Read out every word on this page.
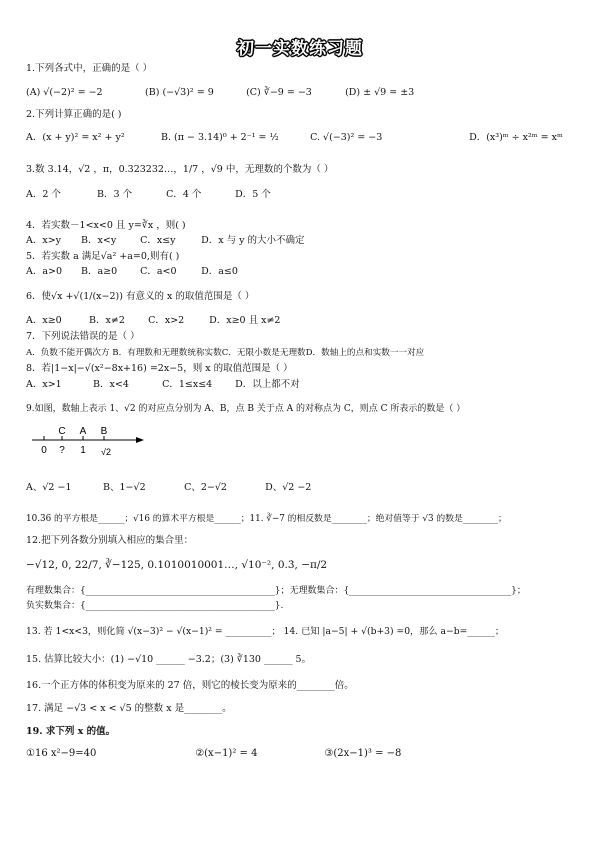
初一实数练习题
1.下列各式中，正确的是（ ）
(A) √(−2)² = −2	(B) (−√3)² = 9	(C) ∛−9 = −3	(D) ± √9 = ±3
2.下列计算正确的是( )
A．(x + y)² = x² + y²	B. (π − 3.14)⁰ + 2⁻¹ = ½	C. √(−3)² = −3	D．(x³)ᵐ ÷ x²ᵐ = xᵐ
3.数 3.14，√2 ，π，0.323232…，1/7 ，√9 中，无理数的个数为（ ）
A．2 个	B．3 个	C．4 个	D．5 个
4．若实数－1<x<0 且 y=∛x ，则( )
A．x>y B．x<y	C．x≤y	D．x 与 y 的大小不确定
5．若实数 a 满足√a² +a=0,则有( )
A．a>0 B．a≥0 C．a<0	D．a≤0
6．使√x +√(1/(x−2)) 有意义的 x 的取值范围是（ ）
A．x≥0	B．x≠2 C．x>2	D．x≥0 且 x≠2
7．下列说法错误的是（ ）
A．负数不能开偶次方 B．有理数和无理数统称实数C．无限小数是无理数D．数轴上的点和实数一一对应
8．若|1−x|−√(x²−8x+16) =2x−5，则 x 的取值范围是（ ）
A．x>1	B．x<4	C．1≤x≤4 D．以上都不对
9.如图，数轴上表示 1、√2 的对应点分别为 A、B，点 B 关于点 A 的对称点为 C，则点 C 所表示的数是（ ）
C A B
0 ? 1 √2
A、√2 −1	B、1−√2	C、2−√2	D、√2 −2
10.36 的平方根是______；√16 的算术平方根是______；11. ∛−7 的相反数是________；绝对值等于 √3 的数是________；
12.把下列各数分别填入相应的集合里：
−√12, 0, 22/7, ∛−125, 0.1010010001…, √10⁻², 0.3̇, −π/2
有理数集合：{__________________________________________}；无理数集合：{____________________________________}；
负实数集合：{__________________________________________}.
13. 若 1<x<3，则化简 √(x−3)² − √(x−1)² = __________； 14. 已知 |a−5| + √(b+3) =0，那么 a−b=______；
15. 估算比较大小：(1) −√10 ______ −3.2；(3) ∛130 ______ 5。
16.一个正方体的体积变为原来的 27 倍，则它的棱长变为原来的________倍。
17. 满足 −√3 < x < √5 的整数 x 是________。
19. 求下列 x 的值。
①16 x²−9=40	②(x−1)² = 4	③(2x−1)³ = −8
